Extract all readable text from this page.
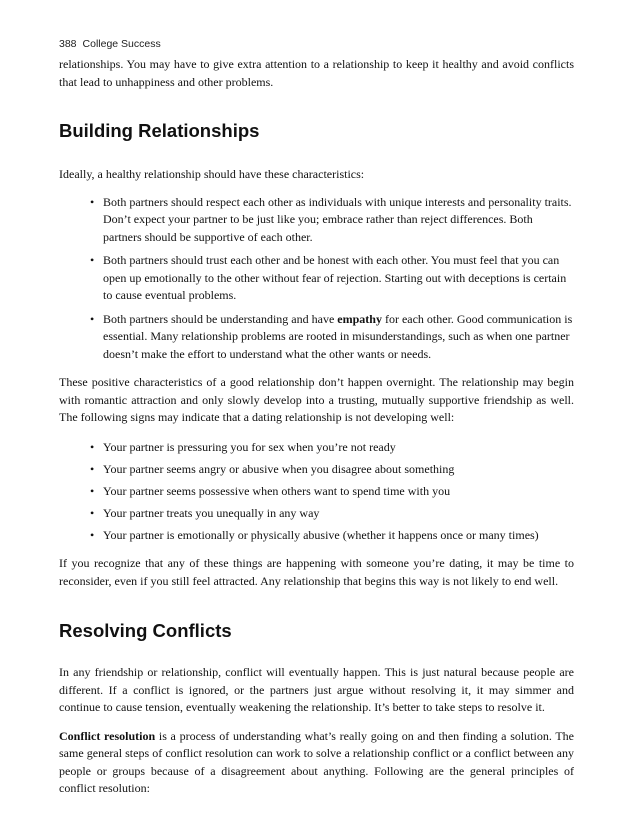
388 College Success

relationships. You may have to give extra attention to a relationship to keep it healthy and avoid conflicts that lead to unhappiness and other problems.

Building Relationships

Ideally, a healthy relationship should have these characteristics:

• Both partners should respect each other as individuals with unique interests and personality traits. Don’t expect your partner to be just like you; embrace rather than reject differences. Both partners should be supportive of each other.
• Both partners should trust each other and be honest with each other. You must feel that you can open up emotionally to the other without fear of rejection. Starting out with deceptions is certain to cause eventual problems.
• Both partners should be understanding and have empathy for each other. Good communication is essential. Many relationship problems are rooted in misunderstandings, such as when one partner doesn’t make the effort to understand what the other wants or needs.

These positive characteristics of a good relationship don’t happen overnight. The relationship may begin with romantic attraction and only slowly develop into a trusting, mutually supportive friendship as well. The following signs may indicate that a dating relationship is not developing well:

• Your partner is pressuring you for sex when you’re not ready
• Your partner seems angry or abusive when you disagree about something
• Your partner seems possessive when others want to spend time with you
• Your partner treats you unequally in any way
• Your partner is emotionally or physically abusive (whether it happens once or many times)

If you recognize that any of these things are happening with someone you’re dating, it may be time to reconsider, even if you still feel attracted. Any relationship that begins this way is not likely to end well.

Resolving Conflicts

In any friendship or relationship, conflict will eventually happen. This is just natural because people are different. If a conflict is ignored, or the partners just argue without resolving it, it may simmer and continue to cause tension, eventually weakening the relationship. It’s better to take steps to resolve it.

Conflict resolution is a process of understanding what’s really going on and then finding a solution. The same general steps of conflict resolution can work to solve a relationship conflict or a conflict between any people or groups because of a disagreement about anything. Following are the general principles of conflict resolution:
